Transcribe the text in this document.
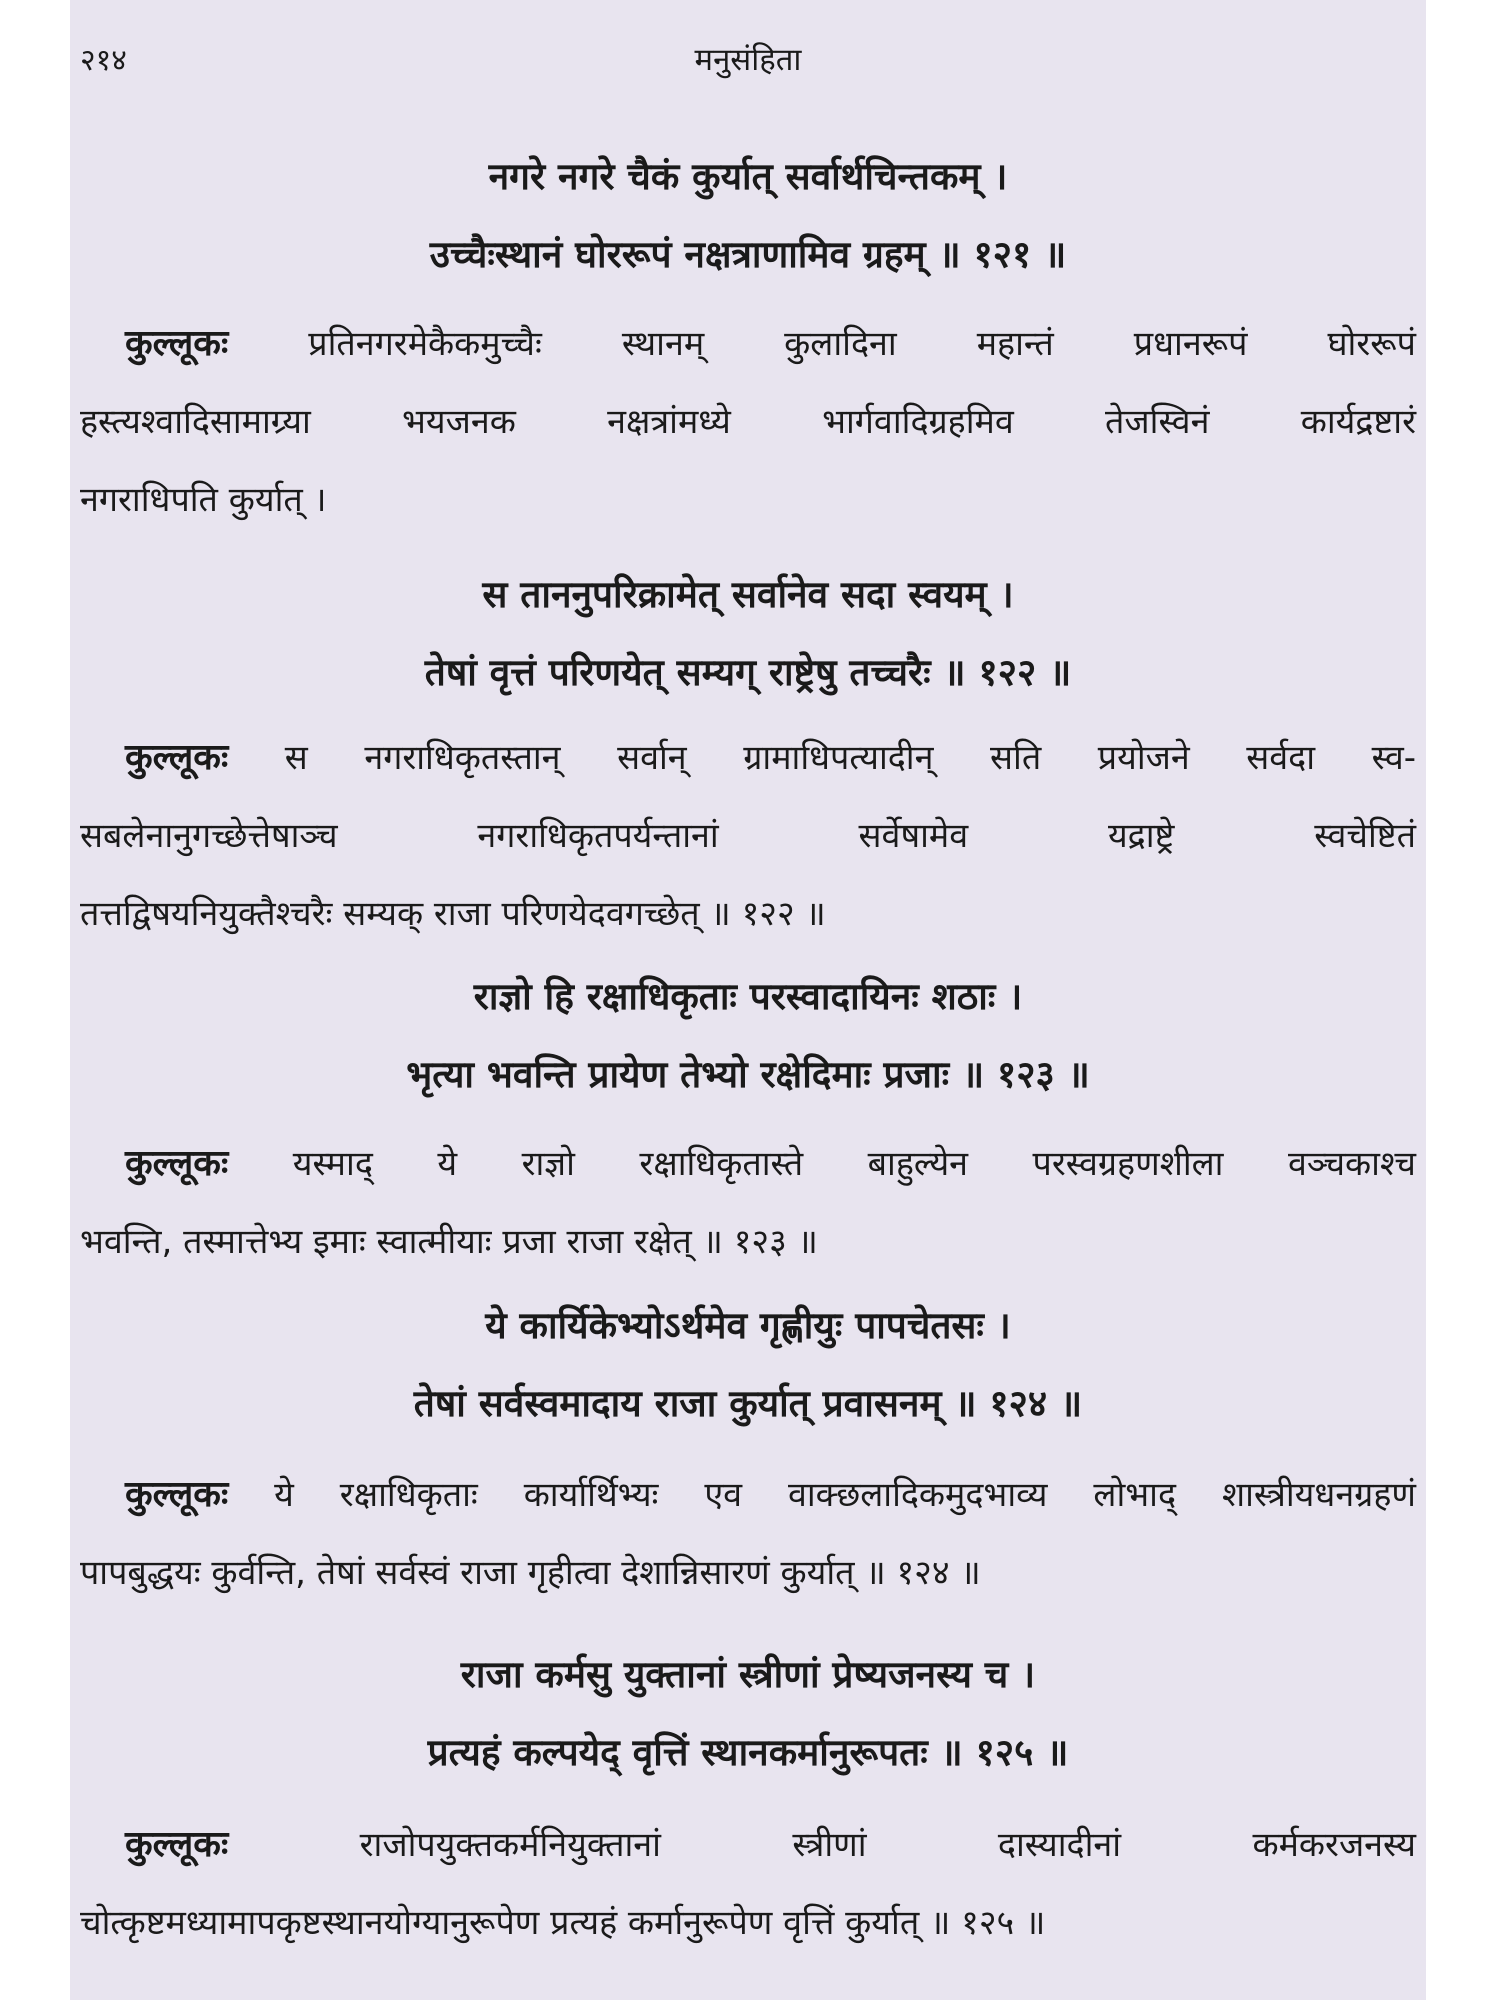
२१४	मनुसंहिता
नगरे नगरे चैकं कुर्यात् सर्वार्थचिन्तकम् ।
उच्चैःस्थानं घोररूपं नक्षत्राणामिव ग्रहम् ॥ १२१ ॥
कुल्लूकः प्रतिनगरमेकैकमुच्चैः स्थानम् कुलादिना महान्तं प्रधानरूपं घोररूपं
हस्त्यश्वादिसामाग्र्या भयजनक नक्षत्रांमध्ये भार्गवादिग्रहमिव तेजस्विनं कार्यद्रष्टारं
नगराधिपति कुर्यात् ।
स ताननुपरिक्रामेत् सर्वानेव सदा स्वयम् ।
तेषां वृत्तं परिणयेत् सम्यग् राष्ट्रेषु तच्चरैः ॥ १२२ ॥
कुल्लूकः स नगराधिकृतस्तान् सर्वान् ग्रामाधिपत्यादीन् सति प्रयोजने सर्वदा स्व-
सबलेनानुगच्छेत्तेषाञ्च नगराधिकृतपर्यन्तानां सर्वेषामेव यद्राष्ट्रे स्वचेष्टितं
तत्तद्विषयनियुक्तैश्चरैः सम्यक् राजा परिणयेदवगच्छेत् ॥ १२२ ॥
राज्ञो हि रक्षाधिकृताः परस्वादायिनः शठाः ।
भृत्या भवन्ति प्रायेण तेभ्यो रक्षेदिमाः प्रजाः ॥ १२३ ॥
कुल्लूकः यस्माद् ये राज्ञो रक्षाधिकृतास्ते बाहुल्येन परस्वग्रहणशीला वञ्चकाश्च
भवन्ति, तस्मात्तेभ्य इमाः स्वात्मीयाः प्रजा राजा रक्षेत् ॥ १२३ ॥
ये कार्यिकेभ्योऽर्थमेव गृह्णीयुः पापचेतसः ।
तेषां सर्वस्वमादाय राजा कुर्यात् प्रवासनम् ॥ १२४ ॥
कुल्लूकः ये रक्षाधिकृताः कार्यार्थिभ्यः एव वाक्छलादिकमुदभाव्य लोभाद् शास्त्रीयधनग्रहणं
पापबुद्धयः कुर्वन्ति, तेषां सर्वस्वं राजा गृहीत्वा देशान्निसारणं कुर्यात् ॥ १२४ ॥
राजा कर्मसु युक्तानां स्त्रीणां प्रेष्यजनस्य च ।
प्रत्यहं कल्पयेद् वृत्तिं स्थानकर्मानुरूपतः ॥ १२५ ॥
कुल्लूकः	राजोपयुक्तकर्मनियुक्तानां स्त्रीणां दास्यादीनां कर्मकरजनस्य
चोत्कृष्टमध्यामापकृष्टस्थानयोग्यानुरूपेण प्रत्यहं कर्मानुरूपेण वृत्तिं कुर्यात् ॥ १२५ ॥
